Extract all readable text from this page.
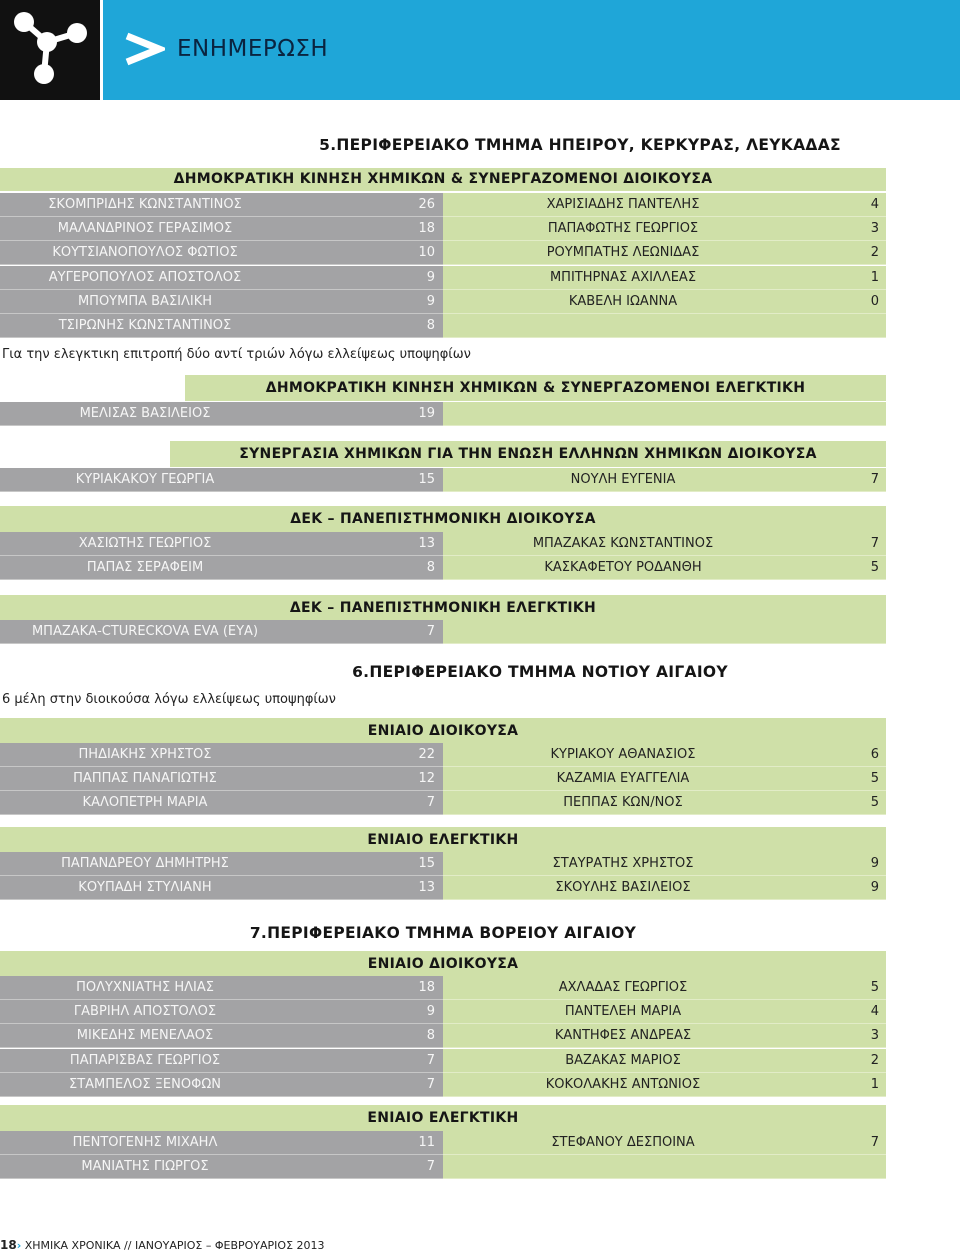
ΕΝΗΜΕΡΩΣΗ
5.ΠΕΡΙΦΕΡΕΙΑΚΟ ΤΜΗΜΑ ΗΠΕΙΡΟΥ, ΚΕΡΚΥΡΑΣ, ΛΕΥΚΑΔΑΣ
ΔΗΜΟΚΡΑΤΙΚΗ ΚΙΝΗΣΗ ΧΗΜΙΚΩΝ & ΣΥΝΕΡΓΑΖΟΜΕΝΟΙ ΔΙΟΙΚΟΥΣΑ
Για την ελεγκτικη επιτροπή δύο αντί τριών λόγω ελλείψεως υποψηφίων
ΔΗΜΟΚΡΑΤΙΚΗ ΚΙΝΗΣΗ ΧΗΜΙΚΩΝ & ΣΥΝΕΡΓΑΖΟΜΕΝΟΙ ΕΛΕΓΚΤΙΚΗ
ΣΥΝΕΡΓΑΣΙΑ ΧΗΜΙΚΩΝ ΓΙΑ ΤΗΝ ΕΝΩΣΗ ΕΛΛΗΝΩΝ ΧΗΜΙΚΩΝ ΔΙΟΙΚΟΥΣΑ
ΔΕΚ – ΠΑΝΕΠΙΣΤΗΜΟΝΙΚΗ ΔΙΟΙΚΟΥΣΑ
ΔΕΚ – ΠΑΝΕΠΙΣΤΗΜΟΝΙΚΗ ΕΛΕΓΚΤΙΚΗ
6.ΠΕΡΙΦΕΡΕΙΑΚΟ ΤΜΗΜΑ ΝΟΤΙΟΥ ΑΙΓΑΙΟΥ
6 μέλη στην διοικούσα λόγω ελλείψεως υποψηφίων
ΕΝΙΑΙΟ ΔΙΟΙΚΟΥΣΑ
ΕΝΙΑΙΟ ΕΛΕΓΚΤΙΚΗ
7.ΠΕΡΙΦΕΡΕΙΑΚΟ ΤΜΗΜΑ ΒΟΡΕΙΟΥ ΑΙΓΑΙΟΥ
ΕΝΙΑΙΟ ΔΙΟΙΚΟΥΣΑ
ΕΝΙΑΙΟ ΕΛΕΓΚΤΙΚΗ
18› ΧΗΜΙΚΑ ΧΡΟΝΙΚΑ // ΙΑΝΟΥΑΡΙΟΣ – ΦΕΒΡΟΥΑΡΙΟΣ 2013
ΣΚΟΜΠΡΙΔΗΣ ΚΩΝΣΤΑΝΤΙΝΟΣ	26	ΧΑΡΙΣΙΑΔΗΣ ΠΑΝΤΕΛΗΣ	4
ΜΑΛΑΝΔΡΙΝΟΣ ΓΕΡΑΣΙΜΟΣ	18	ΠΑΠΑΦΩΤΗΣ ΓΕΩΡΓΙΟΣ	3
ΚΟΥΤΣΙΑΝΟΠΟΥΛΟΣ ΦΩΤΙΟΣ	10	ΡΟΥΜΠΑΤΗΣ ΛΕΩΝΙΔΑΣ	2
ΑΥΓΕΡΟΠΟΥΛΟΣ ΑΠΟΣΤΟΛΟΣ	9	ΜΠΙΤΗΡΝΑΣ ΑΧΙΛΛΕΑΣ	1
ΜΠΟΥΜΠΑ ΒΑΣΙΛΙΚΗ	9	ΚΑΒΕΛΗ ΙΩΑΝΝΑ	0
ΤΣΙΡΩΝΗΣ ΚΩΝΣΤΑΝΤΙΝΟΣ	8
ΜΕΛΙΣΑΣ ΒΑΣΙΛΕΙΟΣ	19
ΚΥΡΙΑΚΑΚΟΥ ΓΕΩΡΓΙΑ	15	ΝΟΥΛΗ ΕΥΓΕΝΙΑ	7
ΧΑΣΙΩΤΗΣ ΓΕΩΡΓΙΟΣ	13	ΜΠΑΖΑΚΑΣ ΚΩΝΣΤΑΝΤΙΝΟΣ	7
ΠΑΠΑΣ ΣΕΡΑΦΕΙΜ	8	ΚΑΣΚΑΦΕΤΟΥ ΡΟΔΑΝΘΗ	5
ΜΠΑΖΑΚΑ-CTURECKOVA EVA (ΕΥΑ)	7
ΠΗΔΙΑΚΗΣ ΧΡΗΣΤΟΣ	22	ΚΥΡΙΑΚΟΥ ΑΘΑΝΑΣΙΟΣ	6
ΠΑΠΠΑΣ ΠΑΝΑΓΙΩΤΗΣ	12	ΚΑΖΑΜΙΑ ΕΥΑΓΓΕΛΙΑ	5
ΚΑΛΟΠΕΤΡΗ ΜΑΡΙΑ	7	ΠΕΠΠΑΣ ΚΩΝ/ΝΟΣ	5
ΠΑΠΑΝΔΡΕΟΥ ΔΗΜΗΤΡΗΣ	15	ΣΤΑΥΡΑΤΗΣ ΧΡΗΣΤΟΣ	9
ΚΟΥΠΑΔΗ ΣΤΥΛΙΑΝΗ	13	ΣΚΟΥΛΗΣ ΒΑΣΙΛΕΙΟΣ	9
ΠΟΛΥΧΝΙΑΤΗΣ ΗΛΙΑΣ	18	ΑΧΛΑΔΑΣ ΓΕΩΡΓΙΟΣ	5
ΓΑΒΡΙΗΛ ΑΠΟΣΤΟΛΟΣ	9	ΠΑΝΤΕΛΕΗ ΜΑΡΙΑ	4
ΜΙΚΕΔΗΣ ΜΕΝΕΛΑΟΣ	8	ΚΑΝΤΗΦΕΣ ΑΝΔΡΕΑΣ	3
ΠΑΠΑΡΙΣΒΑΣ ΓΕΩΡΓΙΟΣ	7	ΒΑΖΑΚΑΣ ΜΑΡΙΟΣ	2
ΣΤΑΜΠΕΛΟΣ ΞΕΝΟΦΩΝ	7	ΚΟΚΟΛΑΚΗΣ ΑΝΤΩΝΙΟΣ	1
ΠΕΝΤΟΓΕΝΗΣ ΜΙΧΑΗΛ	11	ΣΤΕΦΑΝΟΥ ΔΕΣΠΟΙΝΑ	7
ΜΑΝΙΑΤΗΣ ΓΙΩΡΓΟΣ	7
